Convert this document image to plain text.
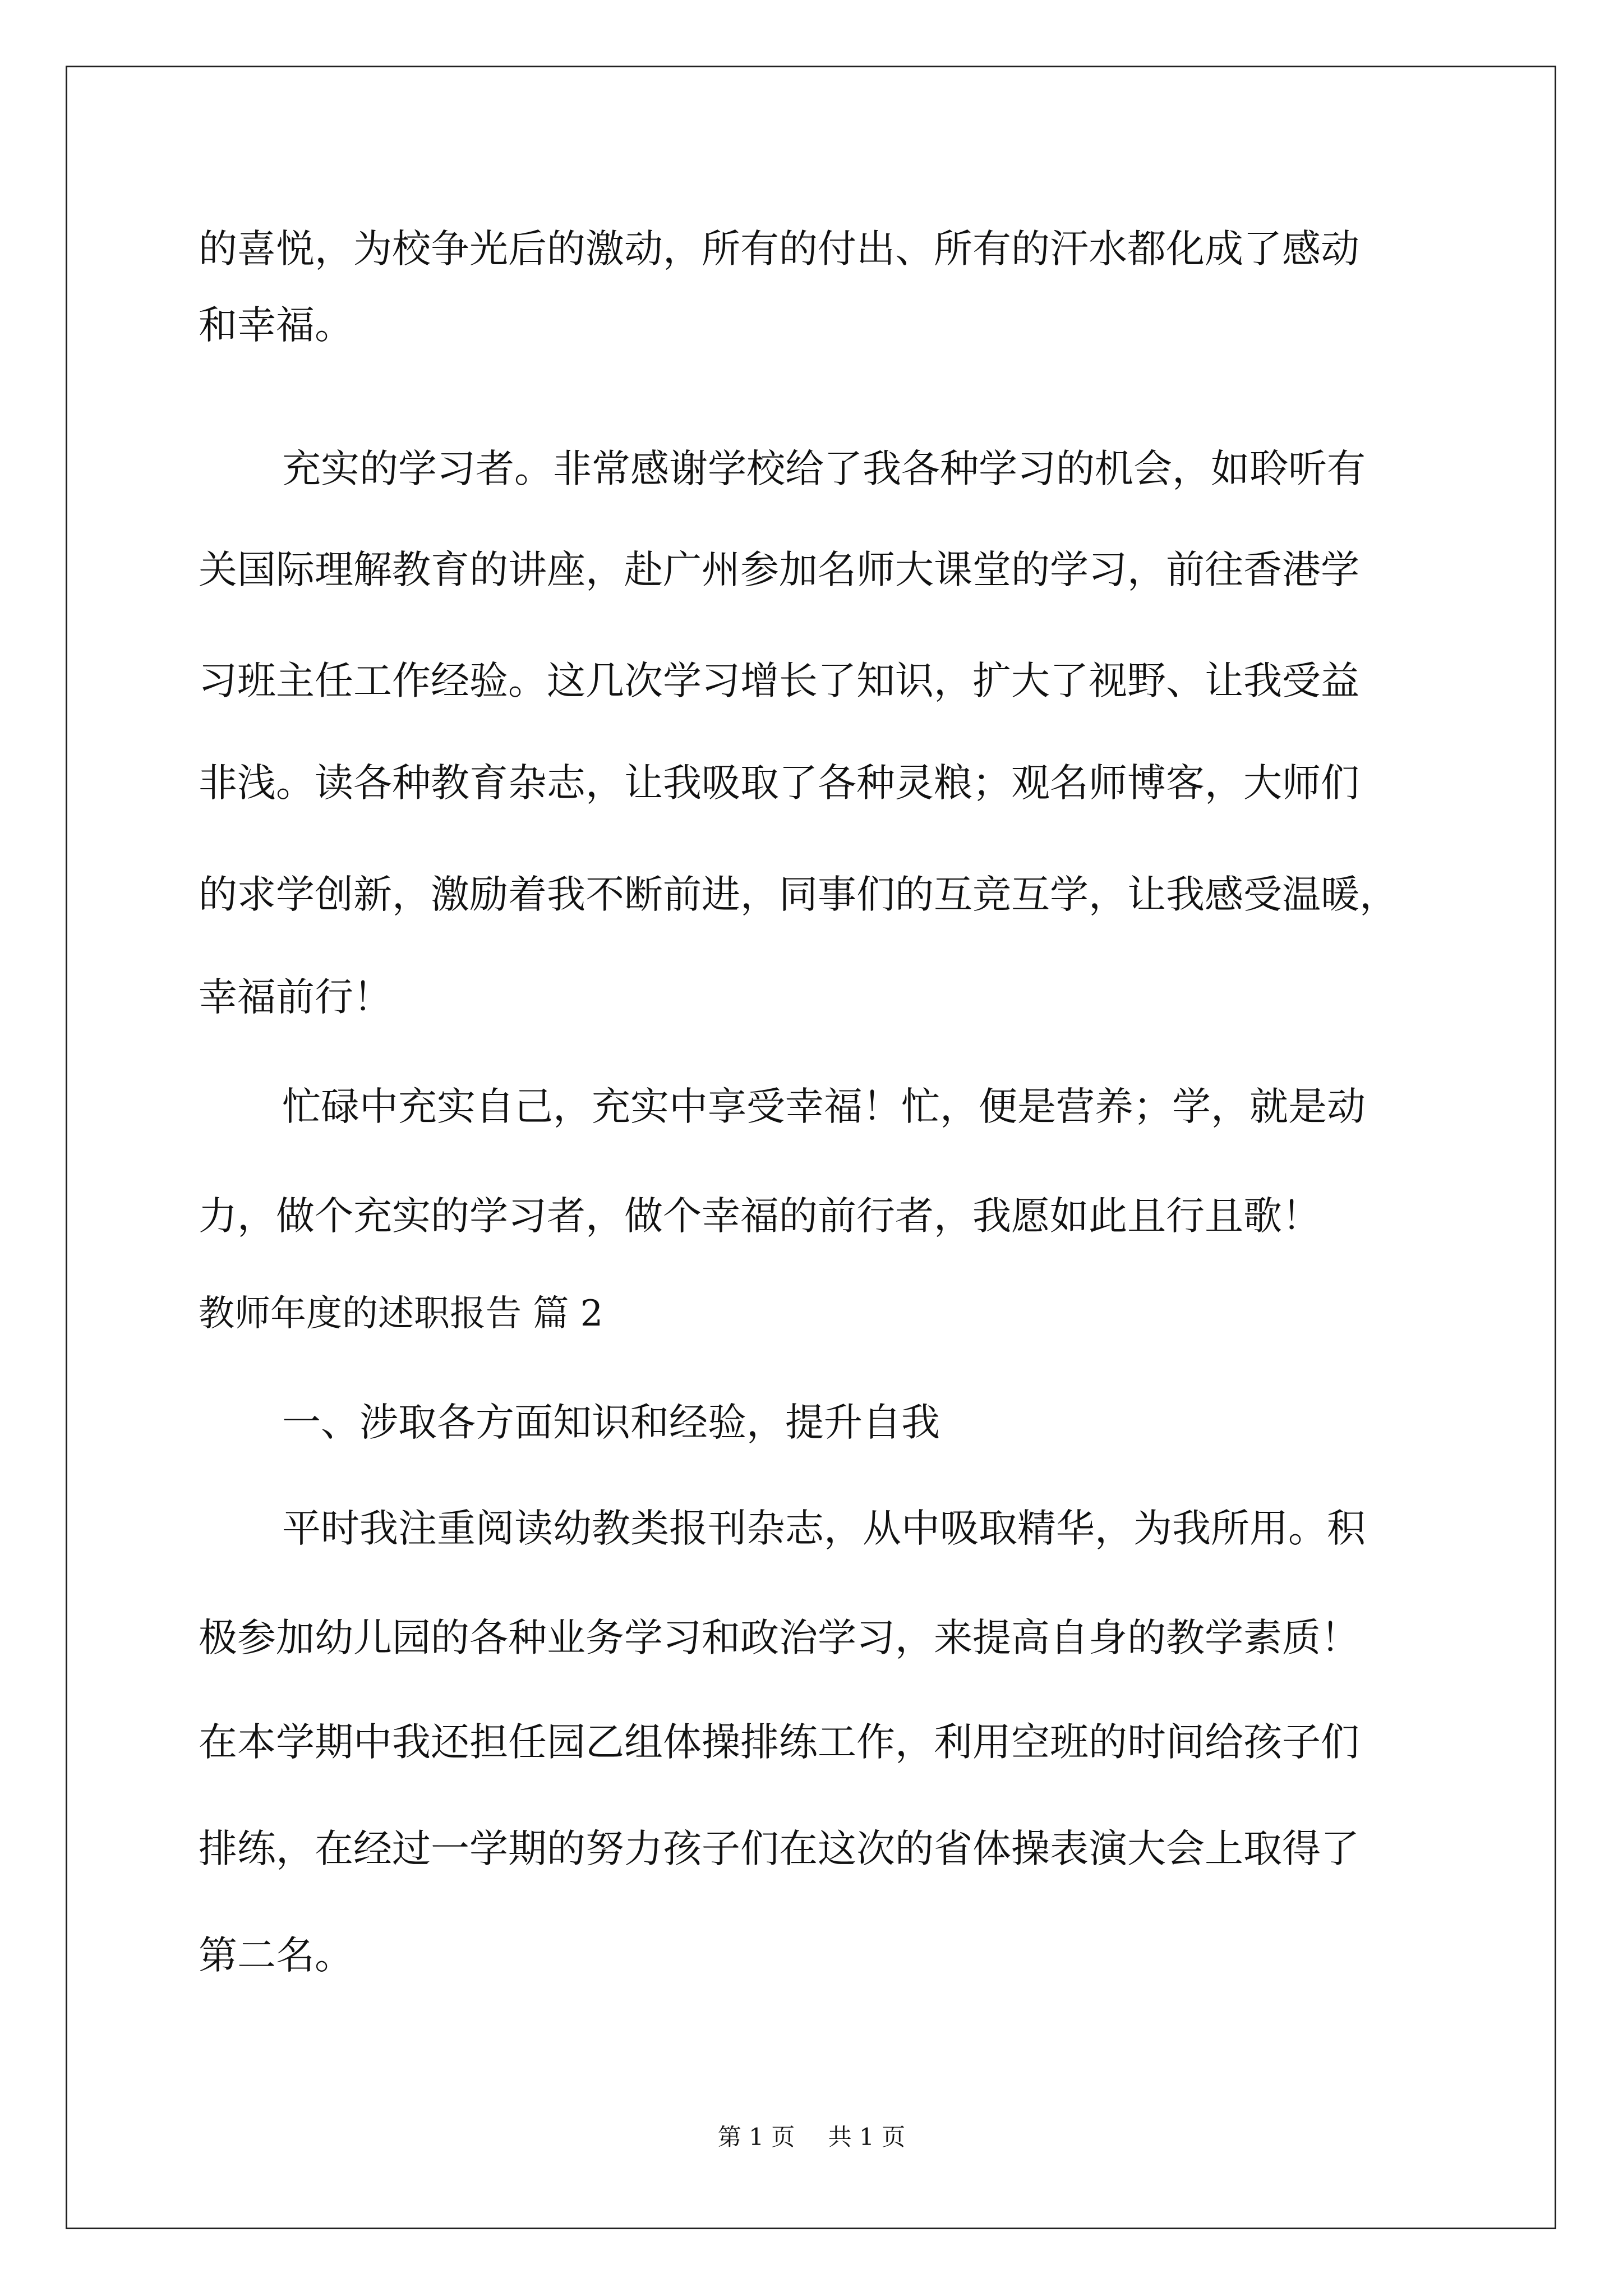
的喜悦，为校争光后的激动，所有的付出、所有的汗水都化成了感动
和幸福。
充实的学习者。非常感谢学校给了我各种学习的机会，如聆听有
关国际理解教育的讲座，赴广州参加名师大课堂的学习，前往香港学
习班主任工作经验。这几次学习增长了知识，扩大了视野、让我受益
非浅。读各种教育杂志，让我吸取了各种灵粮；观名师博客，大师们
的求学创新，激励着我不断前进，同事们的互竞互学，让我感受温暖，
幸福前行！
忙碌中充实自己，充实中享受幸福！忙，便是营养；学，就是动
力，做个充实的学习者，做个幸福的前行者，我愿如此且行且歌！
教师年度的述职报告 篇 2
一、涉取各方面知识和经验，提升自我
平时我注重阅读幼教类报刊杂志，从中吸取精华，为我所用。积
极参加幼儿园的各种业务学习和政治学习，来提高自身的教学素质！
在本学期中我还担任园乙组体操排练工作，利用空班的时间给孩子们
排练，在经过一学期的努力孩子们在这次的省体操表演大会上取得了
第二名。
第 1 页 共 1 页
